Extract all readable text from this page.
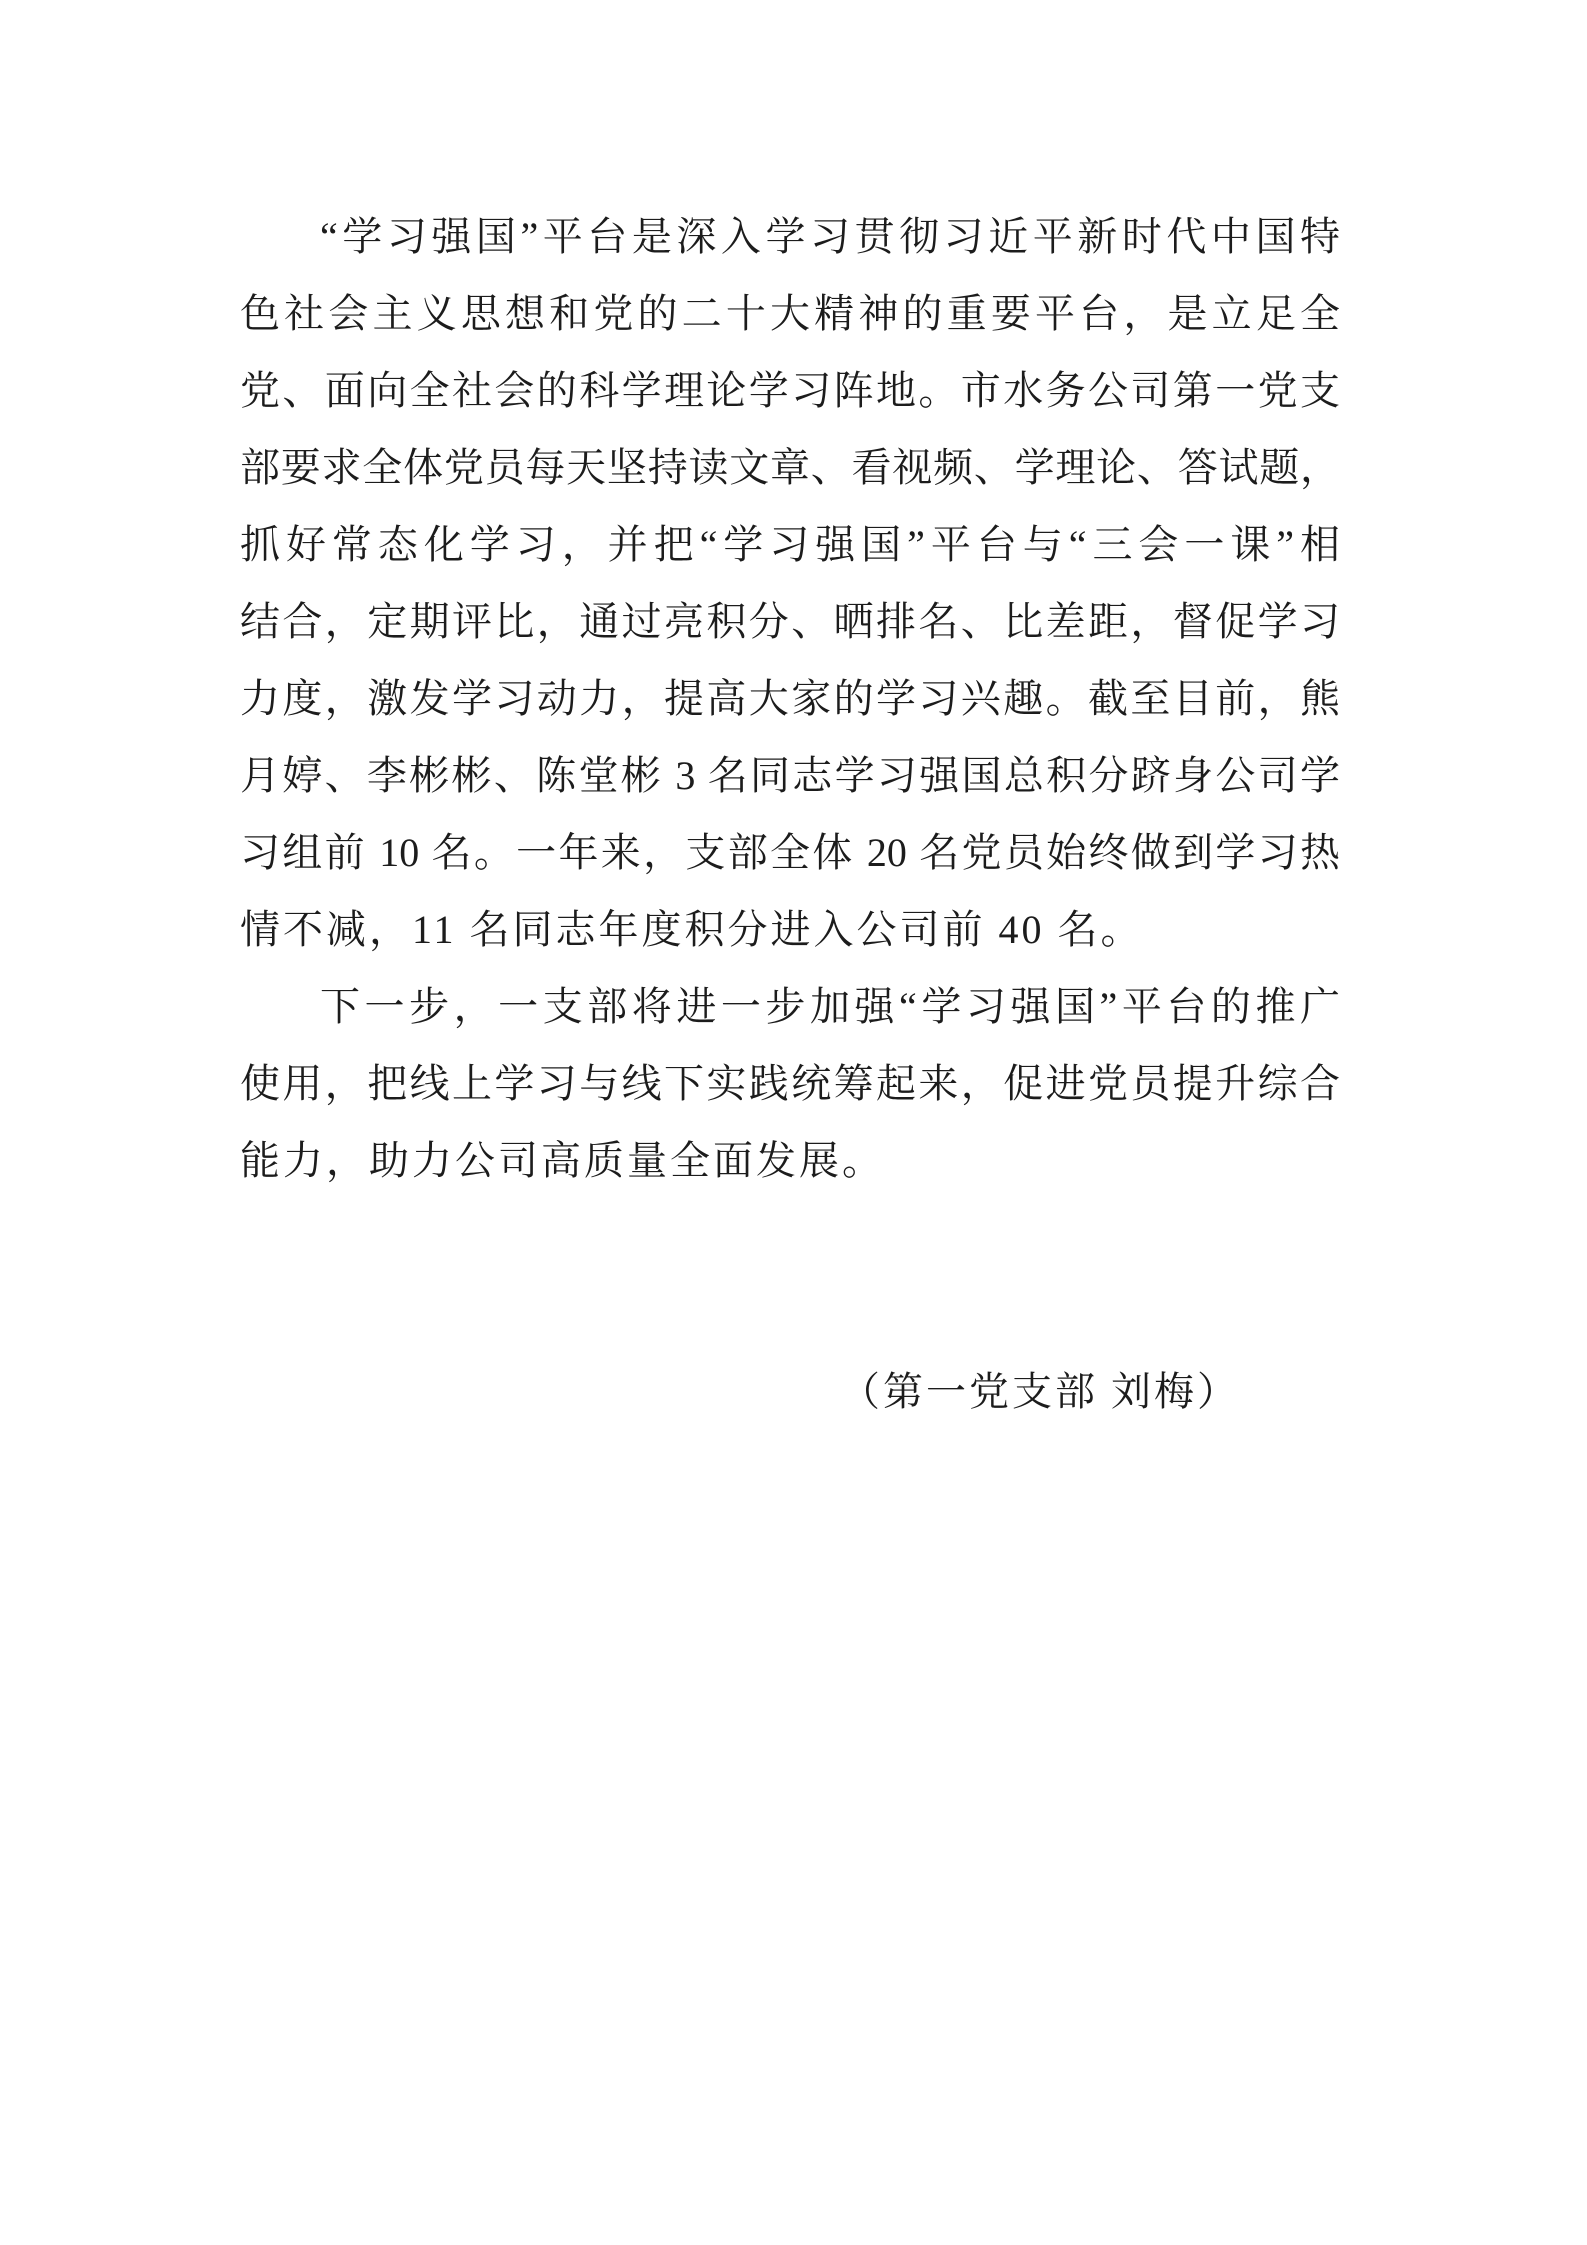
“学习强国”平台是深入学习贯彻习近平新时代中国特
色社会主义思想和党的二十大精神的重要平台，是立足全
党、面向全社会的科学理论学习阵地。市水务公司第一党支
部要求全体党员每天坚持读文章、看视频、学理论、答试题，
抓好常态化学习，并把“学习强国”平台与“三会一课”相
结合，定期评比，通过亮积分、晒排名、比差距，督促学习
力度，激发学习动力，提高大家的学习兴趣。截至目前，熊
月婷、李彬彬、陈堂彬 3 名同志学习强国总积分跻身公司学
习组前 10 名。一年来，支部全体 20 名党员始终做到学习热
情不减，11 名同志年度积分进入公司前 40 名。
下一步，一支部将进一步加强“学习强国”平台的推广
使用，把线上学习与线下实践统筹起来，促进党员提升综合
能力，助力公司高质量全面发展。
（第一党支部 刘梅）
